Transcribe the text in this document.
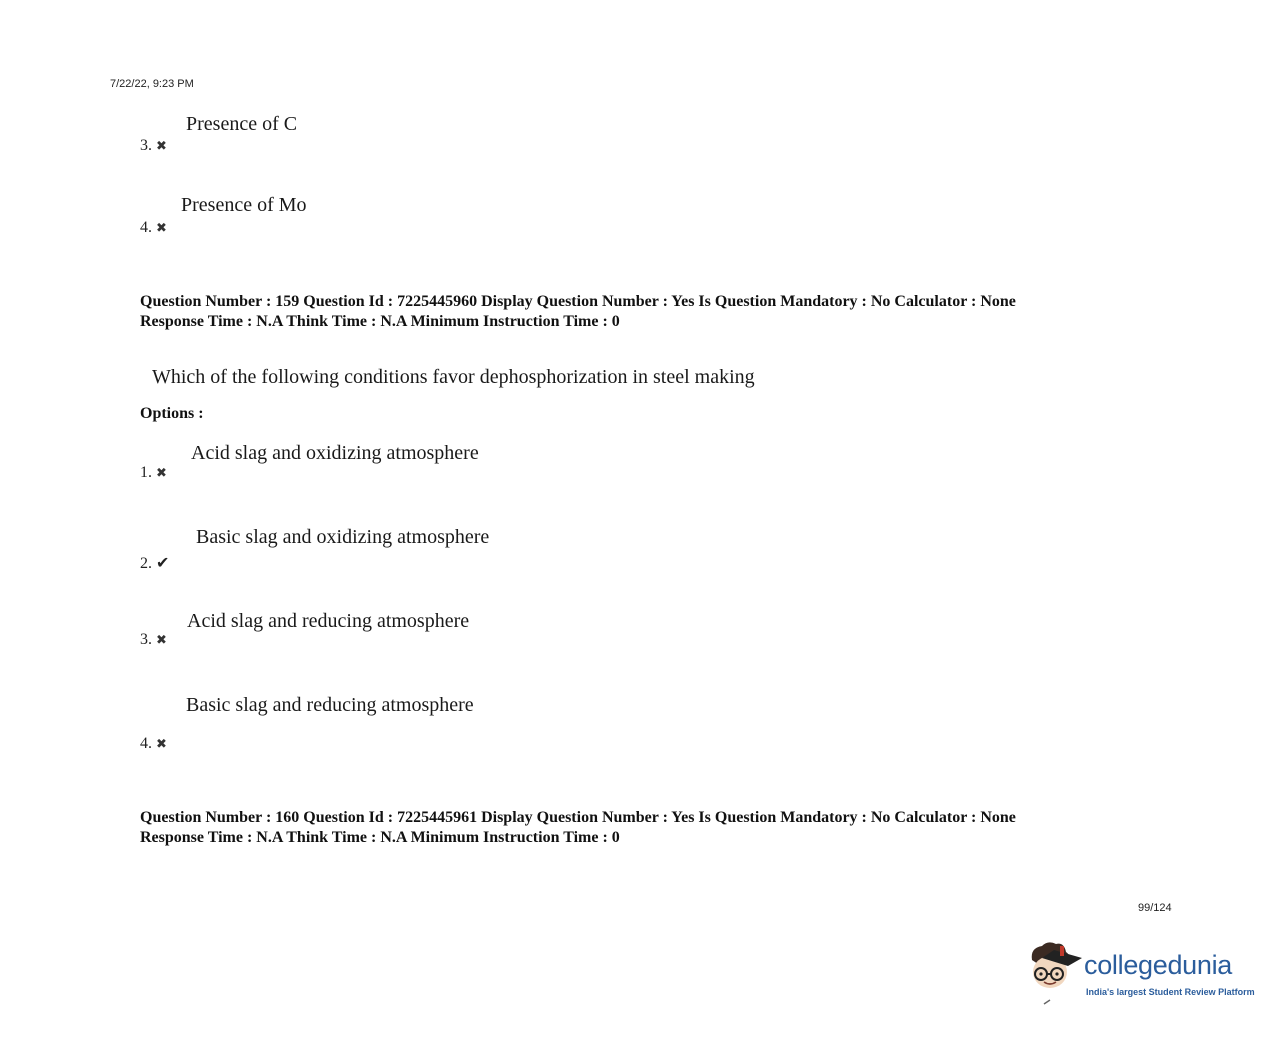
7/22/22, 9:23 PM
Presence of C
3. ✖
Presence of Mo
4. ✖
Question Number : 159 Question Id : 7225445960 Display Question Number : Yes Is Question Mandatory : No Calculator : None
Response Time : N.A Think Time : N.A Minimum Instruction Time : 0
Which of the following conditions favor dephosphorization in steel making
Options :
Acid slag and oxidizing atmosphere
1. ✖
Basic slag and oxidizing atmosphere
2. ✔
Acid slag and reducing atmosphere
3. ✖
Basic slag and reducing atmosphere
4. ✖
Question Number : 160 Question Id : 7225445961 Display Question Number : Yes Is Question Mandatory : No Calculator : None
Response Time : N.A Think Time : N.A Minimum Instruction Time : 0
99/124
collegedunia
India's largest Student Review Platform
